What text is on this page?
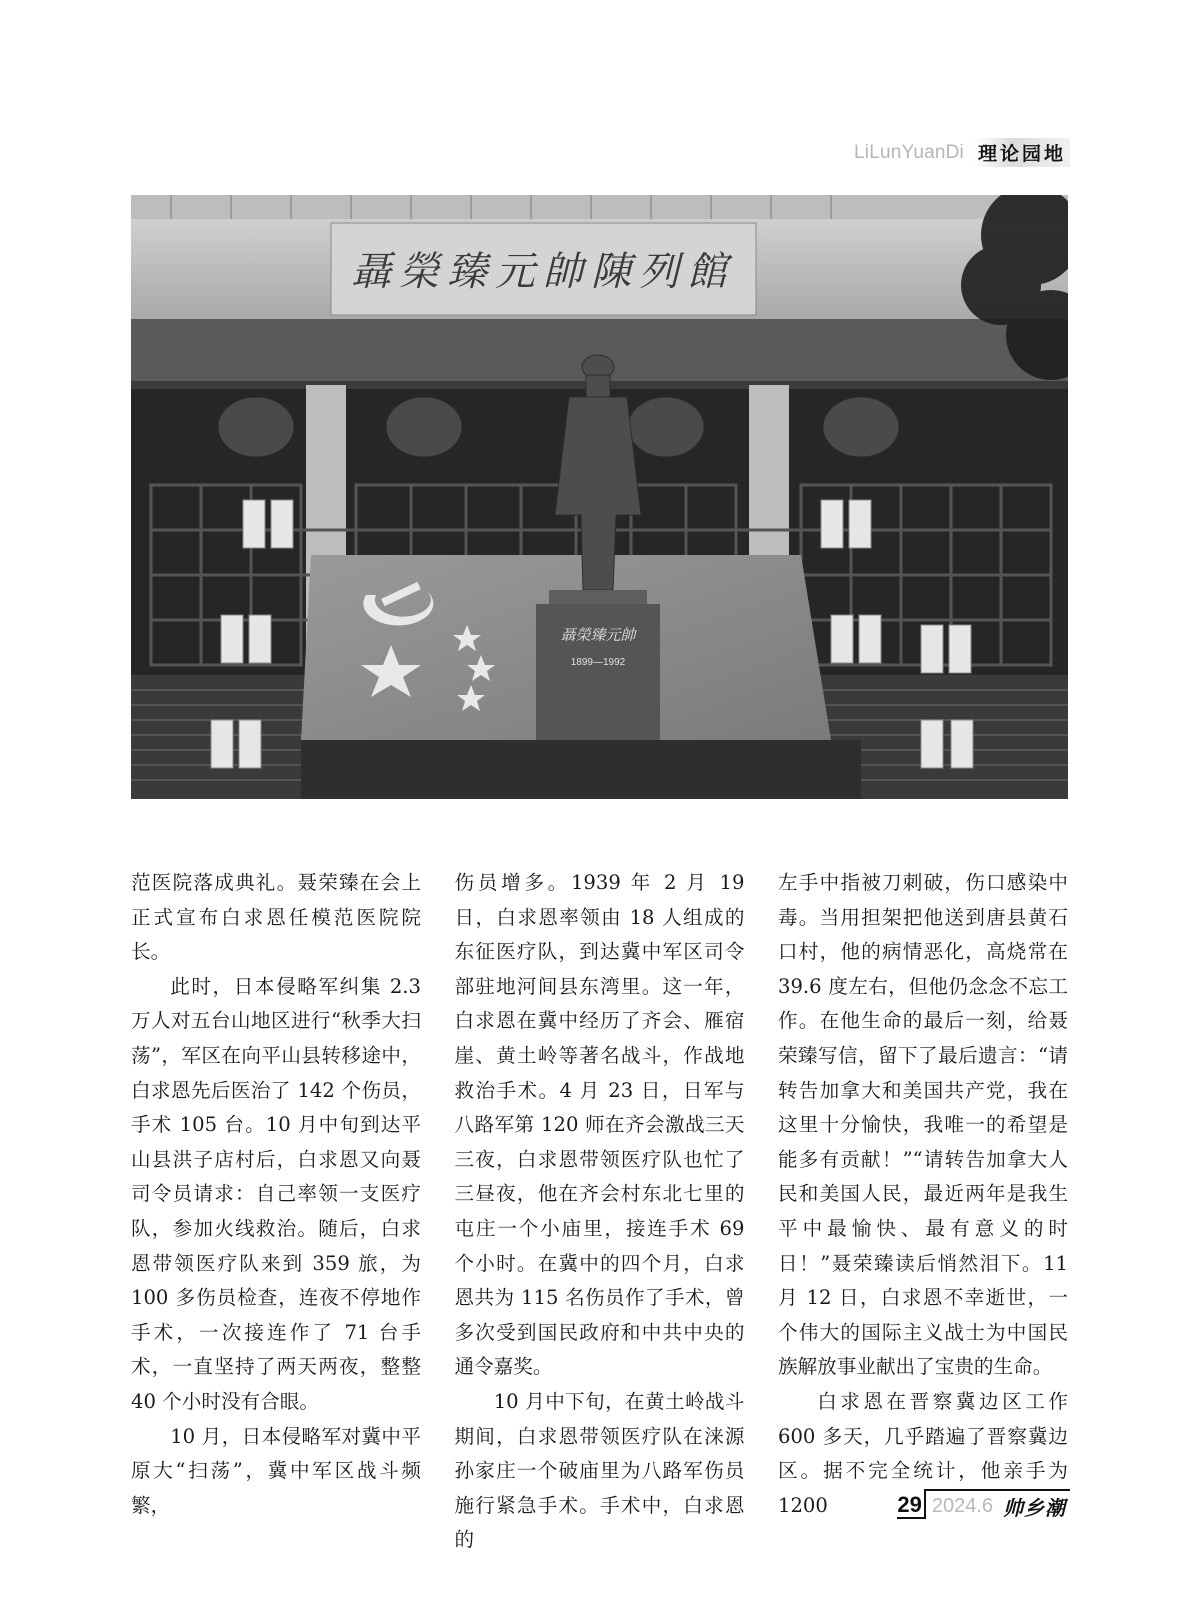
LiLunYuanDi 理论园地
聶榮臻元帥陳列館
聶榮臻元帥
1899—1992

范医院落成典礼。聂荣臻在会上正式宣布白求恩任模范医院院长。

此时，日本侵略军纠集 2.3 万人对五台山地区进行“秋季大扫荡”，军区在向平山县转移途中，白求恩先后医治了 142 个伤员，手术 105 台。10 月中旬到达平山县洪子店村后，白求恩又向聂司令员请求：自己率领一支医疗队，参加火线救治。随后，白求恩带领医疗队来到 359 旅，为 100 多伤员检查，连夜不停地作手术，一次接连作了 71 台手术，一直坚持了两天两夜，整整 40 个小时没有合眼。

10 月，日本侵略军对冀中平原大“扫荡”，冀中军区战斗频繁，

伤员增多。1939 年 2 月 19 日，白求恩率领由 18 人组成的东征医疗队，到达冀中军区司令部驻地河间县东湾里。这一年，白求恩在冀中经历了齐会、雁宿崖、黄土岭等著名战斗，作战地救治手术。4 月 23 日，日军与八路军第 120 师在齐会激战三天三夜，白求恩带领医疗队也忙了三昼夜，他在齐会村东北七里的屯庄一个小庙里，接连手术 69 个小时。在冀中的四个月，白求恩共为 115 名伤员作了手术，曾多次受到国民政府和中共中央的通令嘉奖。

10 月中下旬，在黄土岭战斗期间，白求恩带领医疗队在涞源孙家庄一个破庙里为八路军伤员施行紧急手术。手术中，白求恩的

左手中指被刀刺破，伤口感染中毒。当用担架把他送到唐县黄石口村，他的病情恶化，高烧常在 39.6 度左右，但他仍念念不忘工作。在他生命的最后一刻，给聂荣臻写信，留下了最后遗言：“请转告加拿大和美国共产党，我在这里十分愉快，我唯一的希望是能多有贡献！”“请转告加拿大人民和美国人民，最近两年是我生平中最愉快、最有意义的时日！”聂荣臻读后悄然泪下。11 月 12 日，白求恩不幸逝世，一个伟大的国际主义战士为中国民族解放事业献出了宝贵的生命。

白求恩在晋察冀边区工作 600 多天，几乎踏遍了晋察冀边区。据不完全统计，他亲手为 1200	29 2024.6 帅乡潮
